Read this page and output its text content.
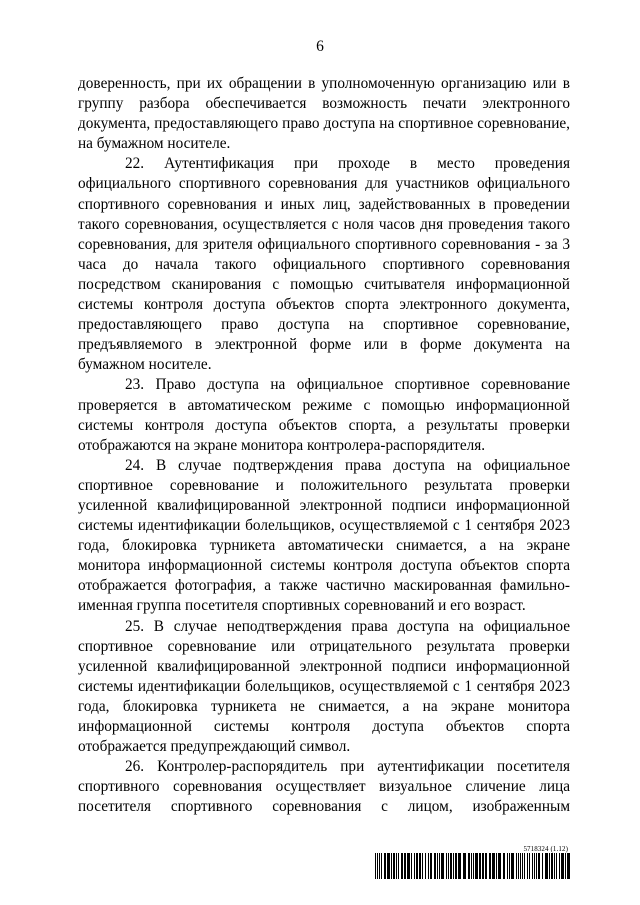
6

доверенность, при их обращении в уполномоченную организацию или в группу разбора обеспечивается возможность печати электронного документа, предоставляющего право доступа на спортивное соревнование, на бумажном носителе.

22. Аутентификация при проходе в место проведения официального спортивного соревнования для участников официального спортивного соревнования и иных лиц, задействованных в проведении такого соревнования, осуществляется с ноля часов дня проведения такого соревнования, для зрителя официального спортивного соревнования - за 3 часа до начала такого официального спортивного соревнования посредством сканирования с помощью считывателя информационной системы контроля доступа объектов спорта электронного документа, предоставляющего право доступа на спортивное соревнование, предъявляемого в электронной форме или в форме документа на бумажном носителе.

23. Право доступа на официальное спортивное соревнование проверяется в автоматическом режиме с помощью информационной системы контроля доступа объектов спорта, а результаты проверки отображаются на экране монитора контролера-распорядителя.

24. В случае подтверждения права доступа на официальное спортивное соревнование и положительного результата проверки усиленной квалифицированной электронной подписи информационной системы идентификации болельщиков, осуществляемой с 1 сентября 2023 года, блокировка турникета автоматически снимается, а на экране монитора информационной системы контроля доступа объектов спорта отображается фотография, а также частично маскированная фамильно-именная группа посетителя спортивных соревнований и его возраст.

25. В случае неподтверждения права доступа на официальное спортивное соревнование или отрицательного результата проверки усиленной квалифицированной электронной подписи информационной системы идентификации болельщиков, осуществляемой с 1 сентября 2023 года, блокировка турникета не снимается, а на экране монитора информационной системы контроля доступа объектов спорта отображается предупреждающий символ.

26. Контролер-распорядитель при аутентификации посетителя спортивного соревнования осуществляет визуальное сличение лица посетителя спортивного соревнования с лицом, изображенным

5718324 (1.12)
